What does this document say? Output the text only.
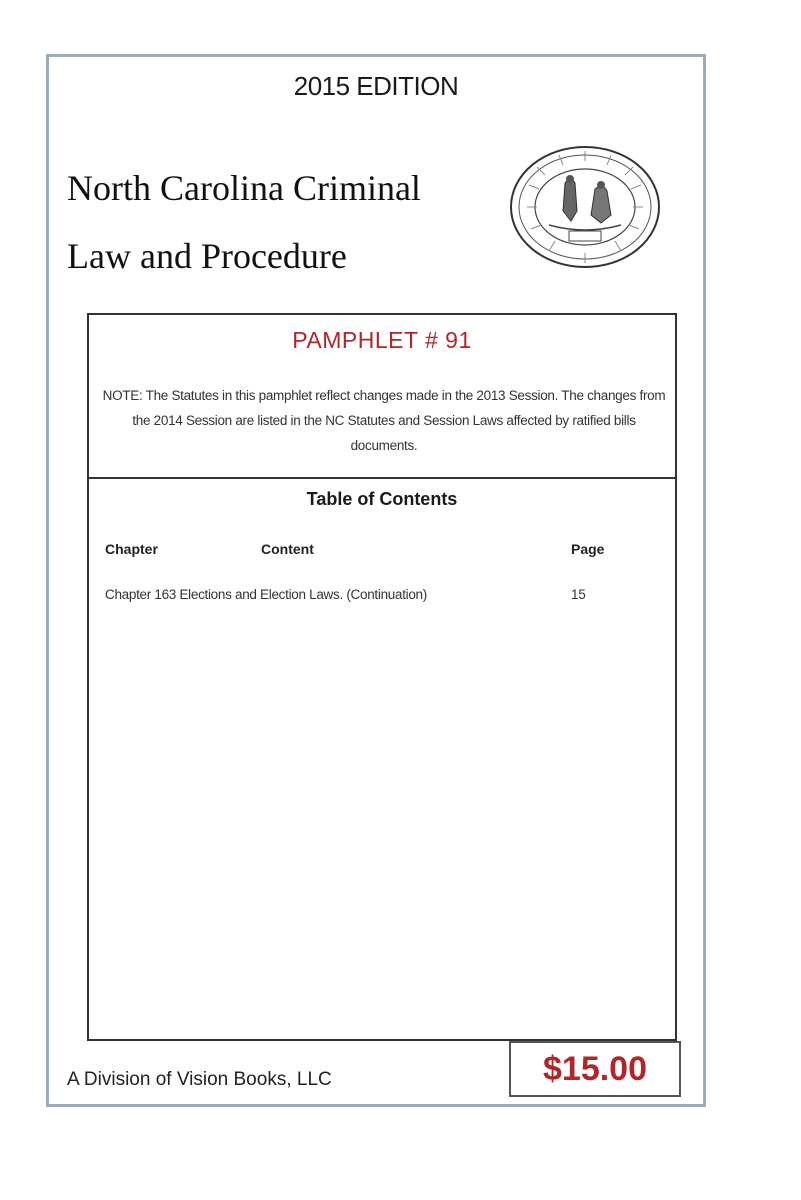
2015 EDITION
North Carolina Criminal
Law and Procedure
PAMPHLET # 91
NOTE: The Statutes in this pamphlet reflect changes made in the 2013 Session. The changes from the 2014 Session are listed in the NC Statutes and Session Laws affected by ratified bills documents.
Table of Contents
Chapter	Content	Page
Chapter 163 Elections and Election Laws. (Continuation)	15
A Division of Vision Books, LLC	$15.00
